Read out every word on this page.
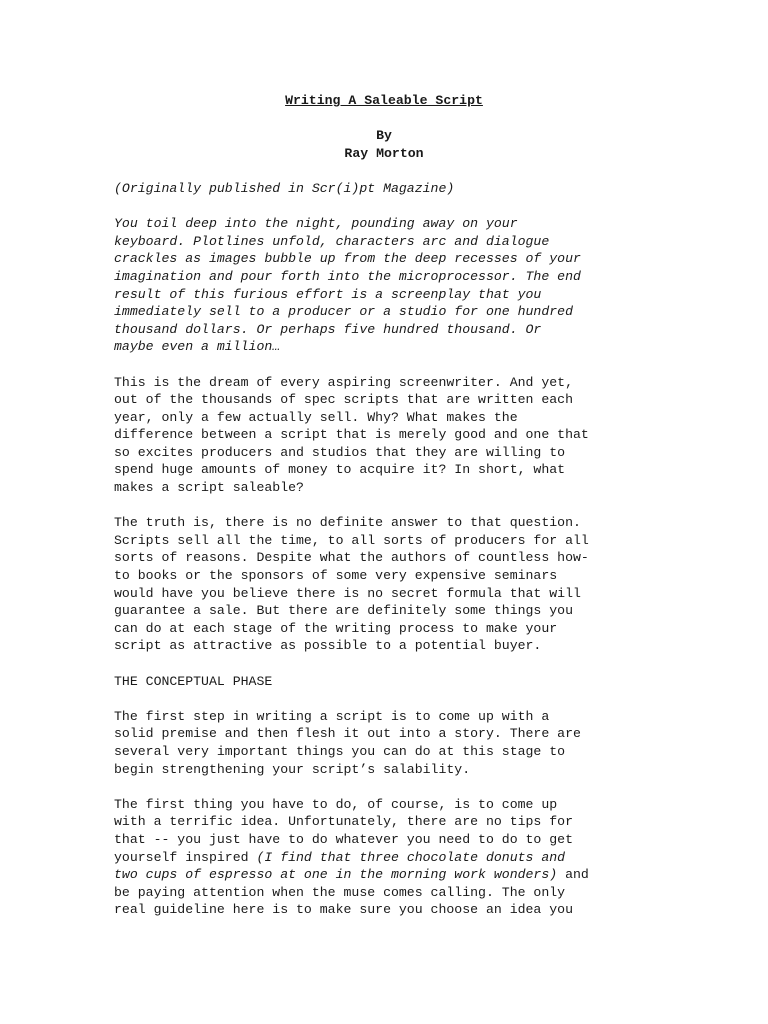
Writing A Saleable Script
By
Ray Morton

(Originally published in Scr(i)pt Magazine)

You toil deep into the night, pounding away on your
keyboard. Plotlines unfold, characters arc and dialogue
crackles as images bubble up from the deep recesses of your
imagination and pour forth into the microprocessor. The end
result of this furious effort is a screenplay that you
immediately sell to a producer or a studio for one hundred
thousand dollars. Or perhaps five hundred thousand. Or
maybe even a million…

This is the dream of every aspiring screenwriter. And yet,
out of the thousands of spec scripts that are written each
year, only a few actually sell. Why? What makes the
difference between a script that is merely good and one that
so excites producers and studios that they are willing to
spend huge amounts of money to acquire it? In short, what
makes a script saleable?

The truth is, there is no definite answer to that question.
Scripts sell all the time, to all sorts of producers for all
sorts of reasons. Despite what the authors of countless how-
to books or the sponsors of some very expensive seminars
would have you believe there is no secret formula that will
guarantee a sale. But there are definitely some things you
can do at each stage of the writing process to make your
script as attractive as possible to a potential buyer.

THE CONCEPTUAL PHASE

The first step in writing a script is to come up with a
solid premise and then flesh it out into a story. There are
several very important things you can do at this stage to
begin strengthening your script’s salability.

The first thing you have to do, of course, is to come up
with a terrific idea. Unfortunately, there are no tips for
that -- you just have to do whatever you need to do to get
yourself inspired (I find that three chocolate donuts and
two cups of espresso at one in the morning work wonders) and
be paying attention when the muse comes calling. The only
real guideline here is to make sure you choose an idea you
